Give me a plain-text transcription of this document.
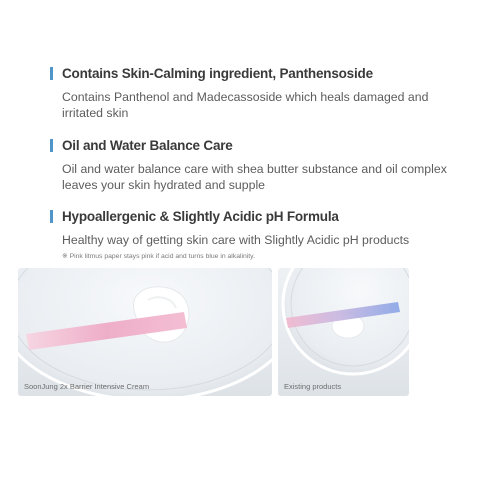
Contains Skin-Calming ingredient, Panthensoside
Contains Panthenol and Madecassoside which heals damaged and irritated skin
Oil and Water Balance Care
Oil and water balance care with shea butter substance and oil complex leaves your skin hydrated and supple
Hypoallergenic & Slightly Acidic pH Formula
Healthy way of getting skin care with Slightly Acidic pH products
※ Pink litmus paper stays pink if acid and turns blue in alkalinity.
SoonJung 2x Barrier Intensive Cream	Existing products
